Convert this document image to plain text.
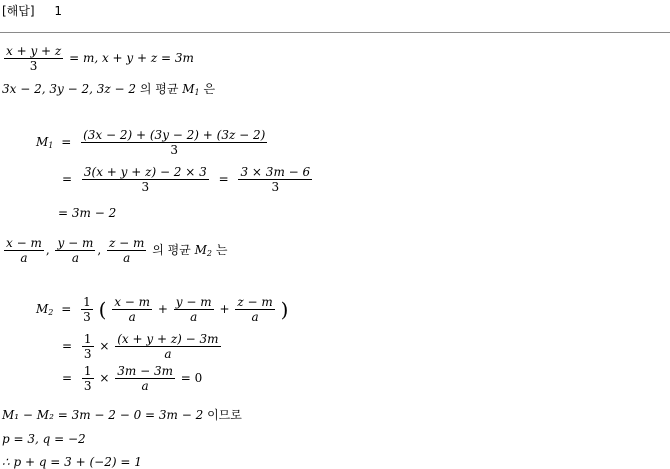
[해답] 1
$\frac{x + y + z}{3} = m$, x + y + z = 3m
3x − 2, 3y − 2, 3z − 2 의 평균 $M_1$ 은
$M_1 = \frac{(3x - 2) + (3y - 2) + (3z - 2)}{3}$
= $\frac{3(x + y + z) - 2 \times 3}{3} = \frac{3 \times 3m - 6}{3}$
= 3m − 2
$\frac{x - m}{a}$ , $\frac{y - m}{a}$ , $\frac{z - m}{a}$ 의 평균 $M_2$ 는
$M_2 = \frac{1}{3}$ ( $\frac{x - m}{a} + \frac{y - m}{a} + \frac{z - m}{a}$ )
= $\frac{1}{3} \times \frac{(x + y + z) - 3m}{a}$
= $\frac{1}{3} \times \frac{3m - 3m}{a} = 0$
M₁ − M₂ = 3m − 2 − 0 = 3m − 2 이므로
p = 3, q = −2
∴ p + q = 3 + (−2) = 1
